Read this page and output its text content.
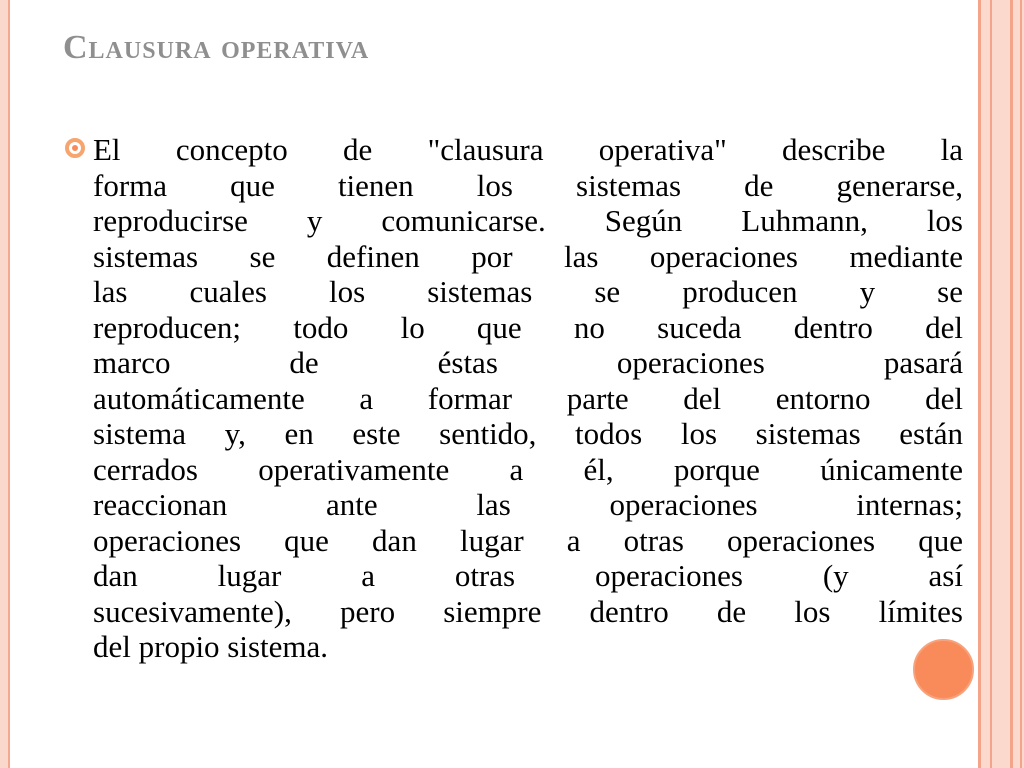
Clausura operativa

El concepto de "clausura operativa" describe la
forma que tienen los sistemas de generarse,
reproducirse y comunicarse. Según Luhmann, los
sistemas se definen por las operaciones mediante
las cuales los sistemas se producen y se
reproducen; todo lo que no suceda dentro del
marco de éstas operaciones pasará
automáticamente a formar parte del entorno del
sistema y, en este sentido, todos los sistemas están
cerrados operativamente a él, porque únicamente
reaccionan ante las operaciones internas;
operaciones que dan lugar a otras operaciones que
dan lugar a otras operaciones (y así
sucesivamente), pero siempre dentro de los límites
del propio sistema.
